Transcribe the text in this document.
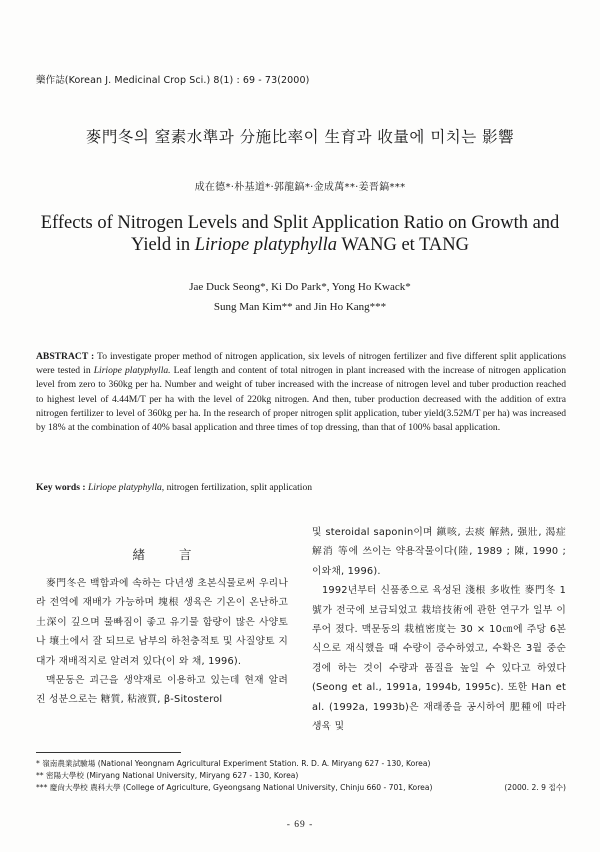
藥作誌(Korean J. Medicinal Crop Sci.) 8(1) : 69 - 73(2000)
麥門冬의 窒素水準과 分施比率이 生育과 收量에 미치는 影響
成在德*·朴基道*·郭龍鎬*·金成萬**·姜晋鎬***
Effects of Nitrogen Levels and Split Application Ratio on Growth and
Yield in Liriope platyphylla WANG et TANG
Jae Duck Seong*, Ki Do Park*, Yong Ho Kwack*
Sung Man Kim** and Jin Ho Kang***
ABSTRACT : To investigate proper method of nitrogen application, six levels of nitrogen fertilizer and five different split applications were tested in Liriope platyphylla. Leaf length and content of total nitrogen in plant increased with the increase of nitrogen application level from zero to 360kg per ha. Number and weight of tuber increased with the increase of nitrogen level and tuber production reached to highest level of 4.44M/T per ha with the level of 220kg nitrogen. And then, tuber production decreased with the addition of extra nitrogen fertilizer to level of 360kg per ha. In the research of proper nitrogen split application, tuber yield(3.52M/T per ha) was increased by 18% at the combination of 40% basal application and three times of top dressing, than that of 100% basal application.
Key words : Liriope platyphylla, nitrogen fertilization, split application
緖言

麥門冬은 백합과에 속하는 다년생 초본식물로써 우리나라 전역에 재배가 가능하며 塊根 생육은 기온이 온난하고 土深이 깊으며 물빠짐이 좋고 유기물 함량이 많은 사양토나 壤土에서 잘 되므로 남부의 하천충적토 및 사질양토 지대가 재배적지로 알려져 있다(이 와 채, 1996).

맥문동은 괴근을 생약재로 이용하고 있는데 현재 알려진 성분으로는 糖質, 粘液質, β-Sitosterol

및 steroidal saponin이며 鎭咳, 去痰 解熱, 强壯, 渴症 解消 等에 쓰이는 약용작물이다(陸, 1989 ; 陳, 1990 ; 이와채, 1996).

1992년부터 신품종으로 육성된 淺根 多收性 麥門冬 1號가 전국에 보급되었고 栽培技術에 관한 연구가 일부 이루어 졌다. 맥문동의 栽植密度는 30 × 10㎝에 주당 6본식으로 재식했을 때 수량이 증수하였고, 수확은 3월 중순경에 하는 것이 수량과 품질을 높일 수 있다고 하였다(Seong et al., 1991a, 1994b, 1995c). 또한 Han et al. (1992a, 1993b)은 재래종을 공시하여 肥種에 따라 생육 및

* 嶺南農業試驗場 (National Yeongnam Agricultural Experiment Station. R. D. A. Miryang 627 - 130, Korea)
** 密陽大學校 (Miryang National University, Miryang 627 - 130, Korea)
*** 慶尙大學校 農科大學 (College of Agriculture, Gyeongsang National University, Chinju 660 - 701, Korea)	(2000. 2. 9 접수)
- 69 -
